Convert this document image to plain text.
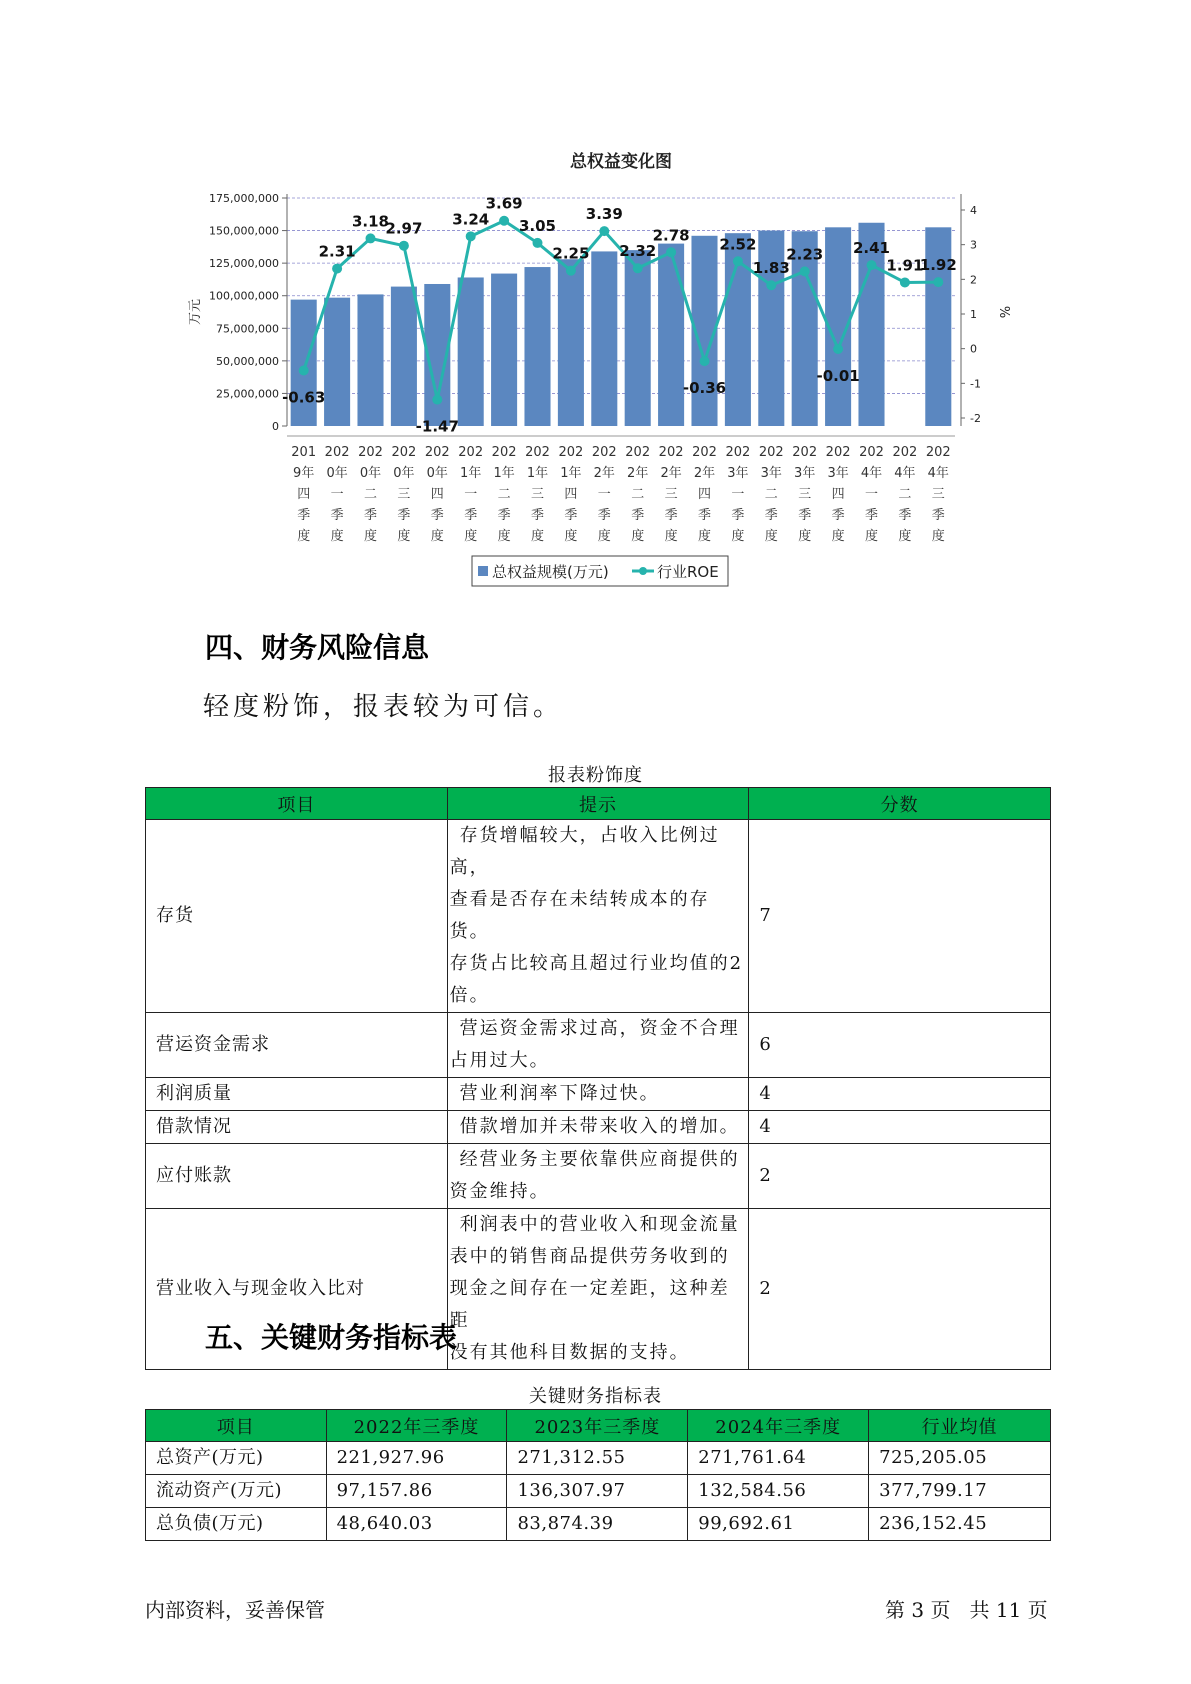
总权益变化图
0
25,000,000
50,000,000
75,000,000
100,000,000
125,000,000
150,000,000
175,000,000
-2
-1
0
1
2
3
4
万元	%
-0.63
2.31
3.18
2.97
-1.47
3.24
3.69
3.05
2.25
3.39
2.32
2.78
-0.36
2.52
1.83
2.23
-0.01
2.41
1.91
1.92
201
9年
四
季
度
202
0年
一
季
度
202
0年
二
季
度
202
0年
三
季
度
202
0年
四
季
度
202
1年
一
季
度
202
1年
二
季
度
202
1年
三
季
度
202
1年
四
季
度
202
2年
一
季
度
202
2年
二
季
度
202
2年
三
季
度
202
2年
四
季
度
202
3年
一
季
度
202
3年
二
季
度
202
3年
三
季
度
202
3年
四
季
度
202
4年
一
季
度
202
4年
二
季
度
202
4年
三
季
度
总权益规模(万元)	行业ROE
四、财务风险信息

轻度粉饰，报表较为可信。

报表粉饰度
项目	提示	分数
存货	存货增幅较大，占收入比例过高，
查看是否存在未结转成本的存货。
存货占比较高且超过行业均值的2
倍。	7
营运资金需求	营运资金需求过高，资金不合理
占用过大。	6
利润质量	营业利润率下降过快。	4
借款情况	借款增加并未带来收入的增加。	4
应付账款	经营业务主要依靠供应商提供的
资金维持。	2
营业收入与现金收入比对	利润表中的营业收入和现金流量
表中的销售商品提供劳务收到的
现金之间存在一定差距，这种差距
没有其他科目数据的支持。	2
五、关键财务指标表
关键财务指标表
项目	2022年三季度	2023年三季度	2024年三季度	行业均值
总资产(万元)	221,927.96	271,312.55	271,761.64	725,205.05
流动资产(万元)	97,157.86	136,307.97	132,584.56	377,799.17
总负债(万元)	48,640.03	83,874.39	99,692.61	236,152.45
内部资料，妥善保管	第 3 页   共 11 页
